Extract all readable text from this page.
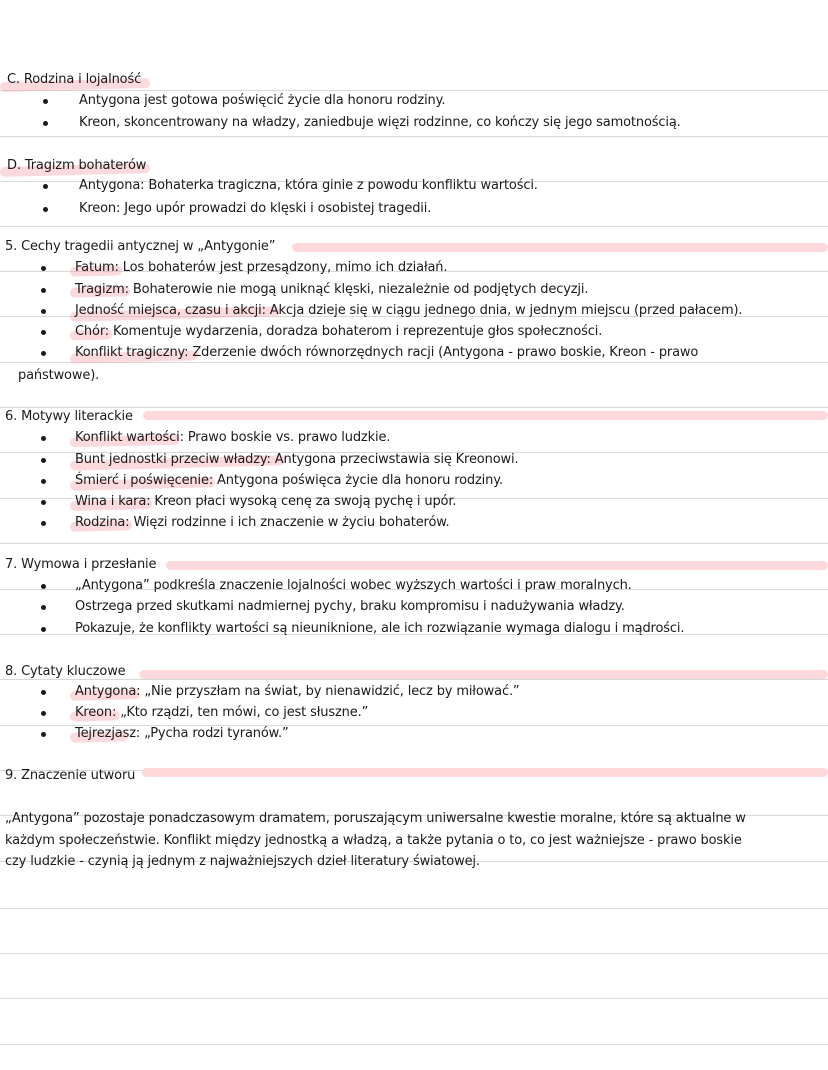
C. Rodzina i lojalność
Antygona jest gotowa poświęcić życie dla honoru rodziny.
Kreon, skoncentrowany na władzy, zaniedbuje więzi rodzinne, co kończy się jego samotnością.
D. Tragizm bohaterów
Antygona: Bohaterka tragiczna, która ginie z powodu konfliktu wartości.
Kreon: Jego upór prowadzi do klęski i osobistej tragedii.
5. Cechy tragedii antycznej w „Antygonie”
Fatum: Los bohaterów jest przesądzony, mimo ich działań.
Tragizm: Bohaterowie nie mogą uniknąć klęski, niezależnie od podjętych decyzji.
Jedność miejsca, czasu i akcji: Akcja dzieje się w ciągu jednego dnia, w jednym miejscu (przed pałacem).
Chór: Komentuje wydarzenia, doradza bohaterom i reprezentuje głos społeczności.
Konflikt tragiczny: Zderzenie dwóch równorzędnych racji (Antygona - prawo boskie, Kreon - prawo
państwowe).
6. Motywy literackie
Konflikt wartości: Prawo boskie vs. prawo ludzkie.
Bunt jednostki przeciw władzy: Antygona przeciwstawia się Kreonowi.
Śmierć i poświęcenie: Antygona poświęca życie dla honoru rodziny.
Wina i kara: Kreon płaci wysoką cenę za swoją pychę i upór.
Rodzina: Więzi rodzinne i ich znaczenie w życiu bohaterów.
7. Wymowa i przesłanie
„Antygona” podkreśla znaczenie lojalności wobec wyższych wartości i praw moralnych.
Ostrzega przed skutkami nadmiernej pychy, braku kompromisu i nadużywania władzy.
Pokazuje, że konflikty wartości są nieuniknione, ale ich rozwiązanie wymaga dialogu i mądrości.
8. Cytaty kluczowe
Antygona: „Nie przyszłam na świat, by nienawidzić, lecz by miłować.”
Kreon: „Kto rządzi, ten mówi, co jest słuszne.”
Tejrezjasz: „Pycha rodzi tyranów.”
9. Znaczenie utworu
„Antygona” pozostaje ponadczasowym dramatem, poruszającym uniwersalne kwestie moralne, które są aktualne w
każdym społeczeństwie. Konflikt między jednostką a władzą, a także pytania o to, co jest ważniejsze - prawo boskie
czy ludzkie - czynią ją jednym z najważniejszych dzieł literatury światowej.
